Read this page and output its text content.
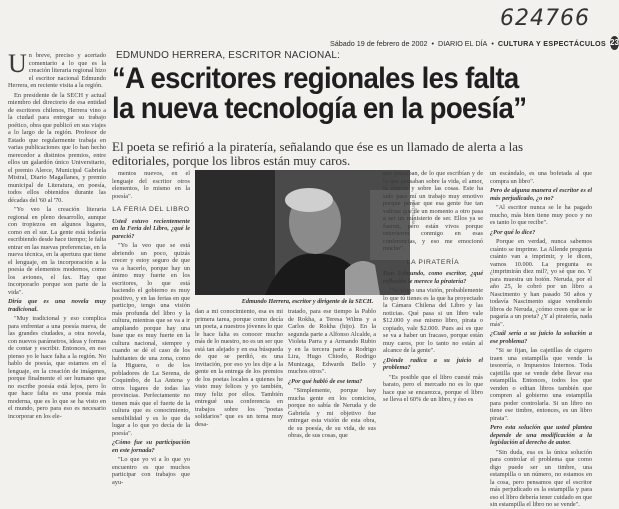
624766
Sábado 19 de febrero de 2002 • DIARIO EL DÍA • CULTURA Y ESPECTÁCULOS 23
EDMUNDO HERRERA, ESCRITOR NACIONAL:
“A escritores regionales les falta la nueva tecnología en la poesía”
El poeta se refirió a la piratería, señalando que ése es un llamado de alerta a las editoriales, porque los libros están muy caros.

Un breve, preciso y acertado comentario a lo que es la creación literaria regional hizo el escritor nacional Edmundo Herrera, en reciente visita a la región.

En presidente de la SECH y actual miembro del directorio de esa entidad de escritores chilenos, Herrera vino a la ciudad para entregar su trabajo poético, obra que publicó en sus viajes a lo largo de la región. Profesor de Estado que regularmente trabaja en varias publicaciones que lo han hecho merecedor a distintos premios, entre ellos un galardón único Universitario, el premio Alerce, Municipal Gabriela Mistral, Diario Magallanes, y premio municipal de Literatura, en poesía, todos ellos obtenidos durante las décadas del '60 al '70.

"Yo veo la creación literaria regional en pleno desarrollo, aunque con tropiezos en algunos lugares, como en el sur. La gente está todavía escribiendo desde hace tiempo; le falta entrar en las nuevas preferencias, en la nueva técnica, en la apertura que tiene el lenguaje, en la incorporación a la poesía de elementos modernos, como los aviones, el fax. Hay que incorporarlo porque son parte de la vida".

Diría que es una novela muy tradicional.

"Muy tradicional y eso complica para enfrentar a una poesía nueva, de las grandes ciudades, a otra novela, con nuevos parámetros, ideas y formas de contar y escribir. Entonces, en eso pienso yo le hace falta a la región. No hablo de poesía, que estamos en el lenguaje, en la creación de imágenes, porque finalmente el ser humano que no escribe poesía está lejos, pero lo que hace falta es una poesía más moderna, que es lo que se ha visto en el mundo, pero para eso es necesario incorporar en los ele-

mentos nuevos, en el lenguaje del escritor otros elementos, lo mismo en la poesía".

LA FERIA DEL LIBRO

Usted estuvo recientemente en la Feria del Libro, ¿qué le pareció?

"Yo la veo que se está abriendo un poco, quizás crecer y estoy seguro de que va a hacerlo, porque hay un ánimo muy fuerte en los escritores, lo que está haciendo el gobierno es muy positivo, y en las ferias en que participo, tengo una visión más profunda del libro y la cultura, mientras que se va a ir ampliando porque hay una base que es muy fuerte en la cultura nacional, siempre y cuando se dé el caso de los habitantes de una zona, como la Higuera, o de los pobladores de La Serena, de Coquimbo, de La Antena y otros lugares de todas las provincias. Perfectamente no tienen más que el fuerte de la cultura que es conocimiento, sensibilidad y es lo que da lugar a lo que yo decía de la poesía".

¿Cómo fue su participación en este jornada?

"Lo que yo vi a lo que yo encuentro es que muchos participar con trabajos que ayu-

FOTO EL DÍA
Edmundo Herrera, escritor y dirigente de la SECH.

dan a mi conocimiento, esa es mi primera tarea, porque como decía un poeta, a nuestros jóvenes lo que le hace falta es conocer mucho más de lo nuestro, no es un ser que está tan alejado y en esa búsqueda de que se perdió, es una invitación, por eso yo les dije a la gente en la entrega de los premios de los poetas locales a quienes he visto muy felices y yo también, muy feliz por ellos. También entregué una conferencia en trabajos sobre los "poetas solidarios" que es un tema muy desa-

tratado, para ese tiempo la Pablo de Rokha, a Teresa Wilms y a Carlos de Rokha (hijo). En la segunda parte a Alfonso Alcalde, a Violeta Parra y a Armando Rubio y en la tercera parte a Rodrigo Lira, Hugo Chiodo, Rodrigo Munizaga, Edwards Bello y muchos otros".

¿Por qué habló de ese tema?

"Simplemente, porque hay mucha gente en los comicios, porque no sabía de Neruda y de Gabriela y mi objetivo fue entregar esta visión de esta obra, de su poesía, de su vida, de sus obras, de sus cosas, que

que pensaban, de lo que escribían y de lo que pensaban sobre la vida, el amor, la muerte y sobre las cosas. Este ha sido para mí un trabajo muy emotivo porque pensar que esa gente fue tan valiosa que de un momento a otro pasa a ser un ministerio de ser. Ellos ya se fueron, pero están vivos porque estuvieron conmigo en esas conferencias, y eso me emocionó mucho".

LA PIRATERÍA

Don Edmundo, como escritor, ¿qué reflexión le merece la piratería?

"Yo tengo una visión, probablemente lo que tú tienes es la que ha proyectado la Cámara Chilena del Libro y las noticias. Qué pasa si un libro vale $12.000 y ese mismo libro, pirata o copiado, vale $2.000. Pues así es que se va a haber un fracaso, porque están muy caros, por lo tanto no están al alcance de la gente".

¿Dónde radica a su juicio el problema?

"Es posible que el libro cuesté más barato, pero el mercado no es lo que hace que se encarezca, porque el libro se lleva el 60% de un libro, y éso es

un escándalo, es una bofetada al que compra un libro".

Pero de alguna manera el escritor es el más perjudicado, ¿o no?

"Al escritor nunca se le ha pagado mucho, más bien tiene muy poco y no es tanto lo que recibe".

¿Por qué lo dice?

Porque en verdad, nunca sabemos cuánto se imprime. La Allende pregunta cuánto van a imprimir, y le dicen, vamos 10.000. La pregunta es ¿imprimirán diez mil?, yo sé que no. Y para muestra un botón. Neruda, por el año 25, le cobró por un libro a Nascimento y han pasado 50 años y todavía Nascimento sigue vendiendo libros de Neruda, ¿cómo creen que se le pagaría a un poeta? ¿Y al piratería, nada más".

¿Cuál sería a su juicio la solución a ese problema?

"Si se fijan, las cajetillas de cigarro traen una estampilla que vende la tesorería, o Impuestos Internos. Toda cajetilla que se vende debe llevar esa estampilla. Entonces, todos los que venden o editan libros también que compren al gobierno una estampilla para poder controlarla. Si un libro no tiene ese timbre, entonces, es un libro pirata".

Pero esta solución que usted plantea depende de una modificación a la legislación al derecho de autor.

"Sin duda, esa es la única solución para controlar el problema que como digo puede ser un timbre, una estampilla o un número, no estamos en la cosa, pero pensamos que el escritor más perjudicado es la estampilla y para eso el libro debería tener cuidado en que sin estampilla el libro no se vende".
